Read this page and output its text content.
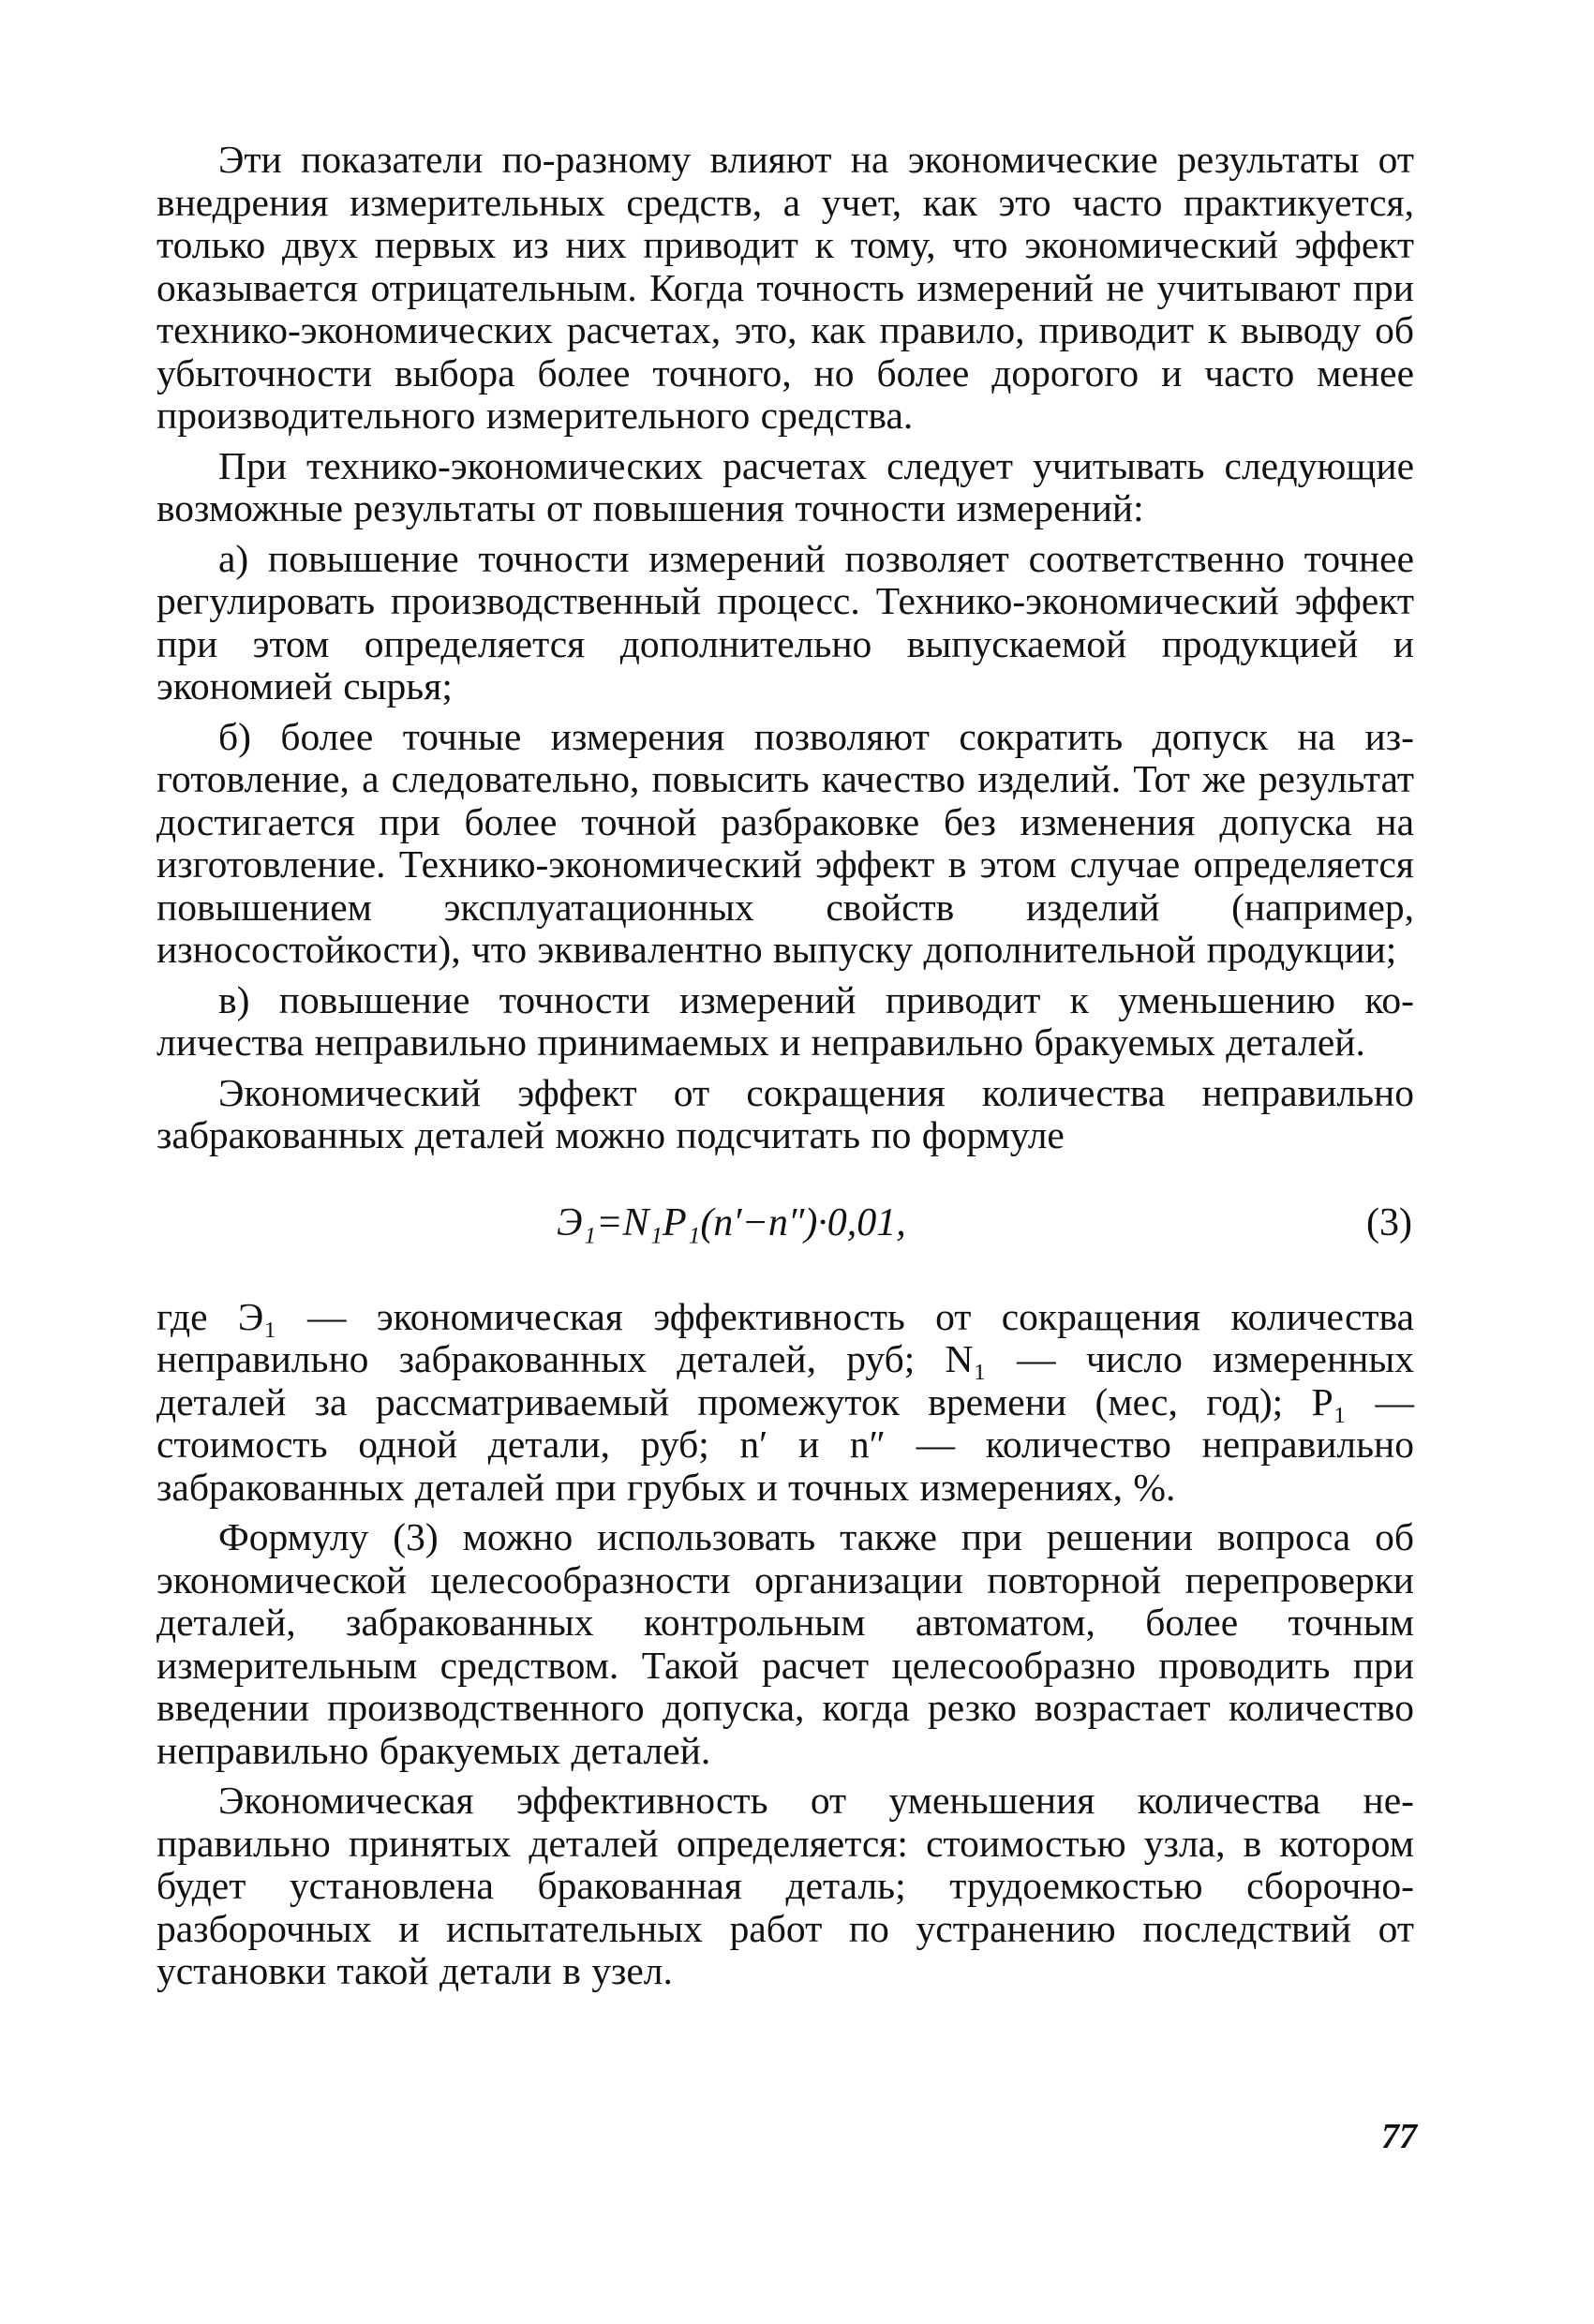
Эти показатели по-разному влияют на экономические результаты от внедрения измерительных средств, а учет, как это часто практикуется, только двух первых из них приводит к тому, что экономический эффект оказывается отрицательным. Когда точность измерений не учитывают при технико-экономических расчетах, это, как правило, приводит к выводу об убыточности выбора более точного, но более дорогого и часто менее производительного измерительного средства.

При технико-экономических расчетах следует учитывать следующие возможные результаты от повышения точности измерений:

а) повышение точности измерений позволяет соответственно точнее регулировать производственный процесс. Технико-экономический эффект при этом определяется дополнительно выпускаемой продукцией и экономией сырья;

б) более точные измерения позволяют сократить допуск на изготовление, а следовательно, повысить качество изделий. Тот же результат достигается при более точной разбраковке без изменения допуска на изготовление. Технико-экономический эффект в этом случае определяется повышением эксплуатационных свойств изделий (например, износостойкости), что эквивалентно выпуску дополнительной продукции;

в) повышение точности измерений приводит к уменьшению количества неправильно принимаемых и неправильно бракуемых деталей.

Экономический эффект от сокращения количества неправильно забракованных деталей можно подсчитать по формуле

Э₁=N₁P₁(n′−n″)·0,01,	(3)

где Э₁ — экономическая эффективность от сокращения количества неправильно забракованных деталей, руб; N₁ — число измеренных деталей за рассматриваемый промежуток времени (мес, год); P₁ — стоимость одной детали, руб; n′ и n″ — количество неправильно забракованных деталей при грубых и точных измерениях, %.

Формулу (3) можно использовать также при решении вопроса об экономической целесообразности организации повторной перепроверки деталей, забракованных контрольным автоматом, более точным измерительным средством. Такой расчет целесообразно проводить при введении производственного допуска, когда резко возрастает количество неправильно бракуемых деталей.

Экономическая эффективность от уменьшения количества неправильно принятых деталей определяется: стоимостью узла, в котором будет установлена бракованная деталь; трудоемкостью сборочно-разборочных и испытательных работ по устранению последствий от установки такой детали в узел.

77
